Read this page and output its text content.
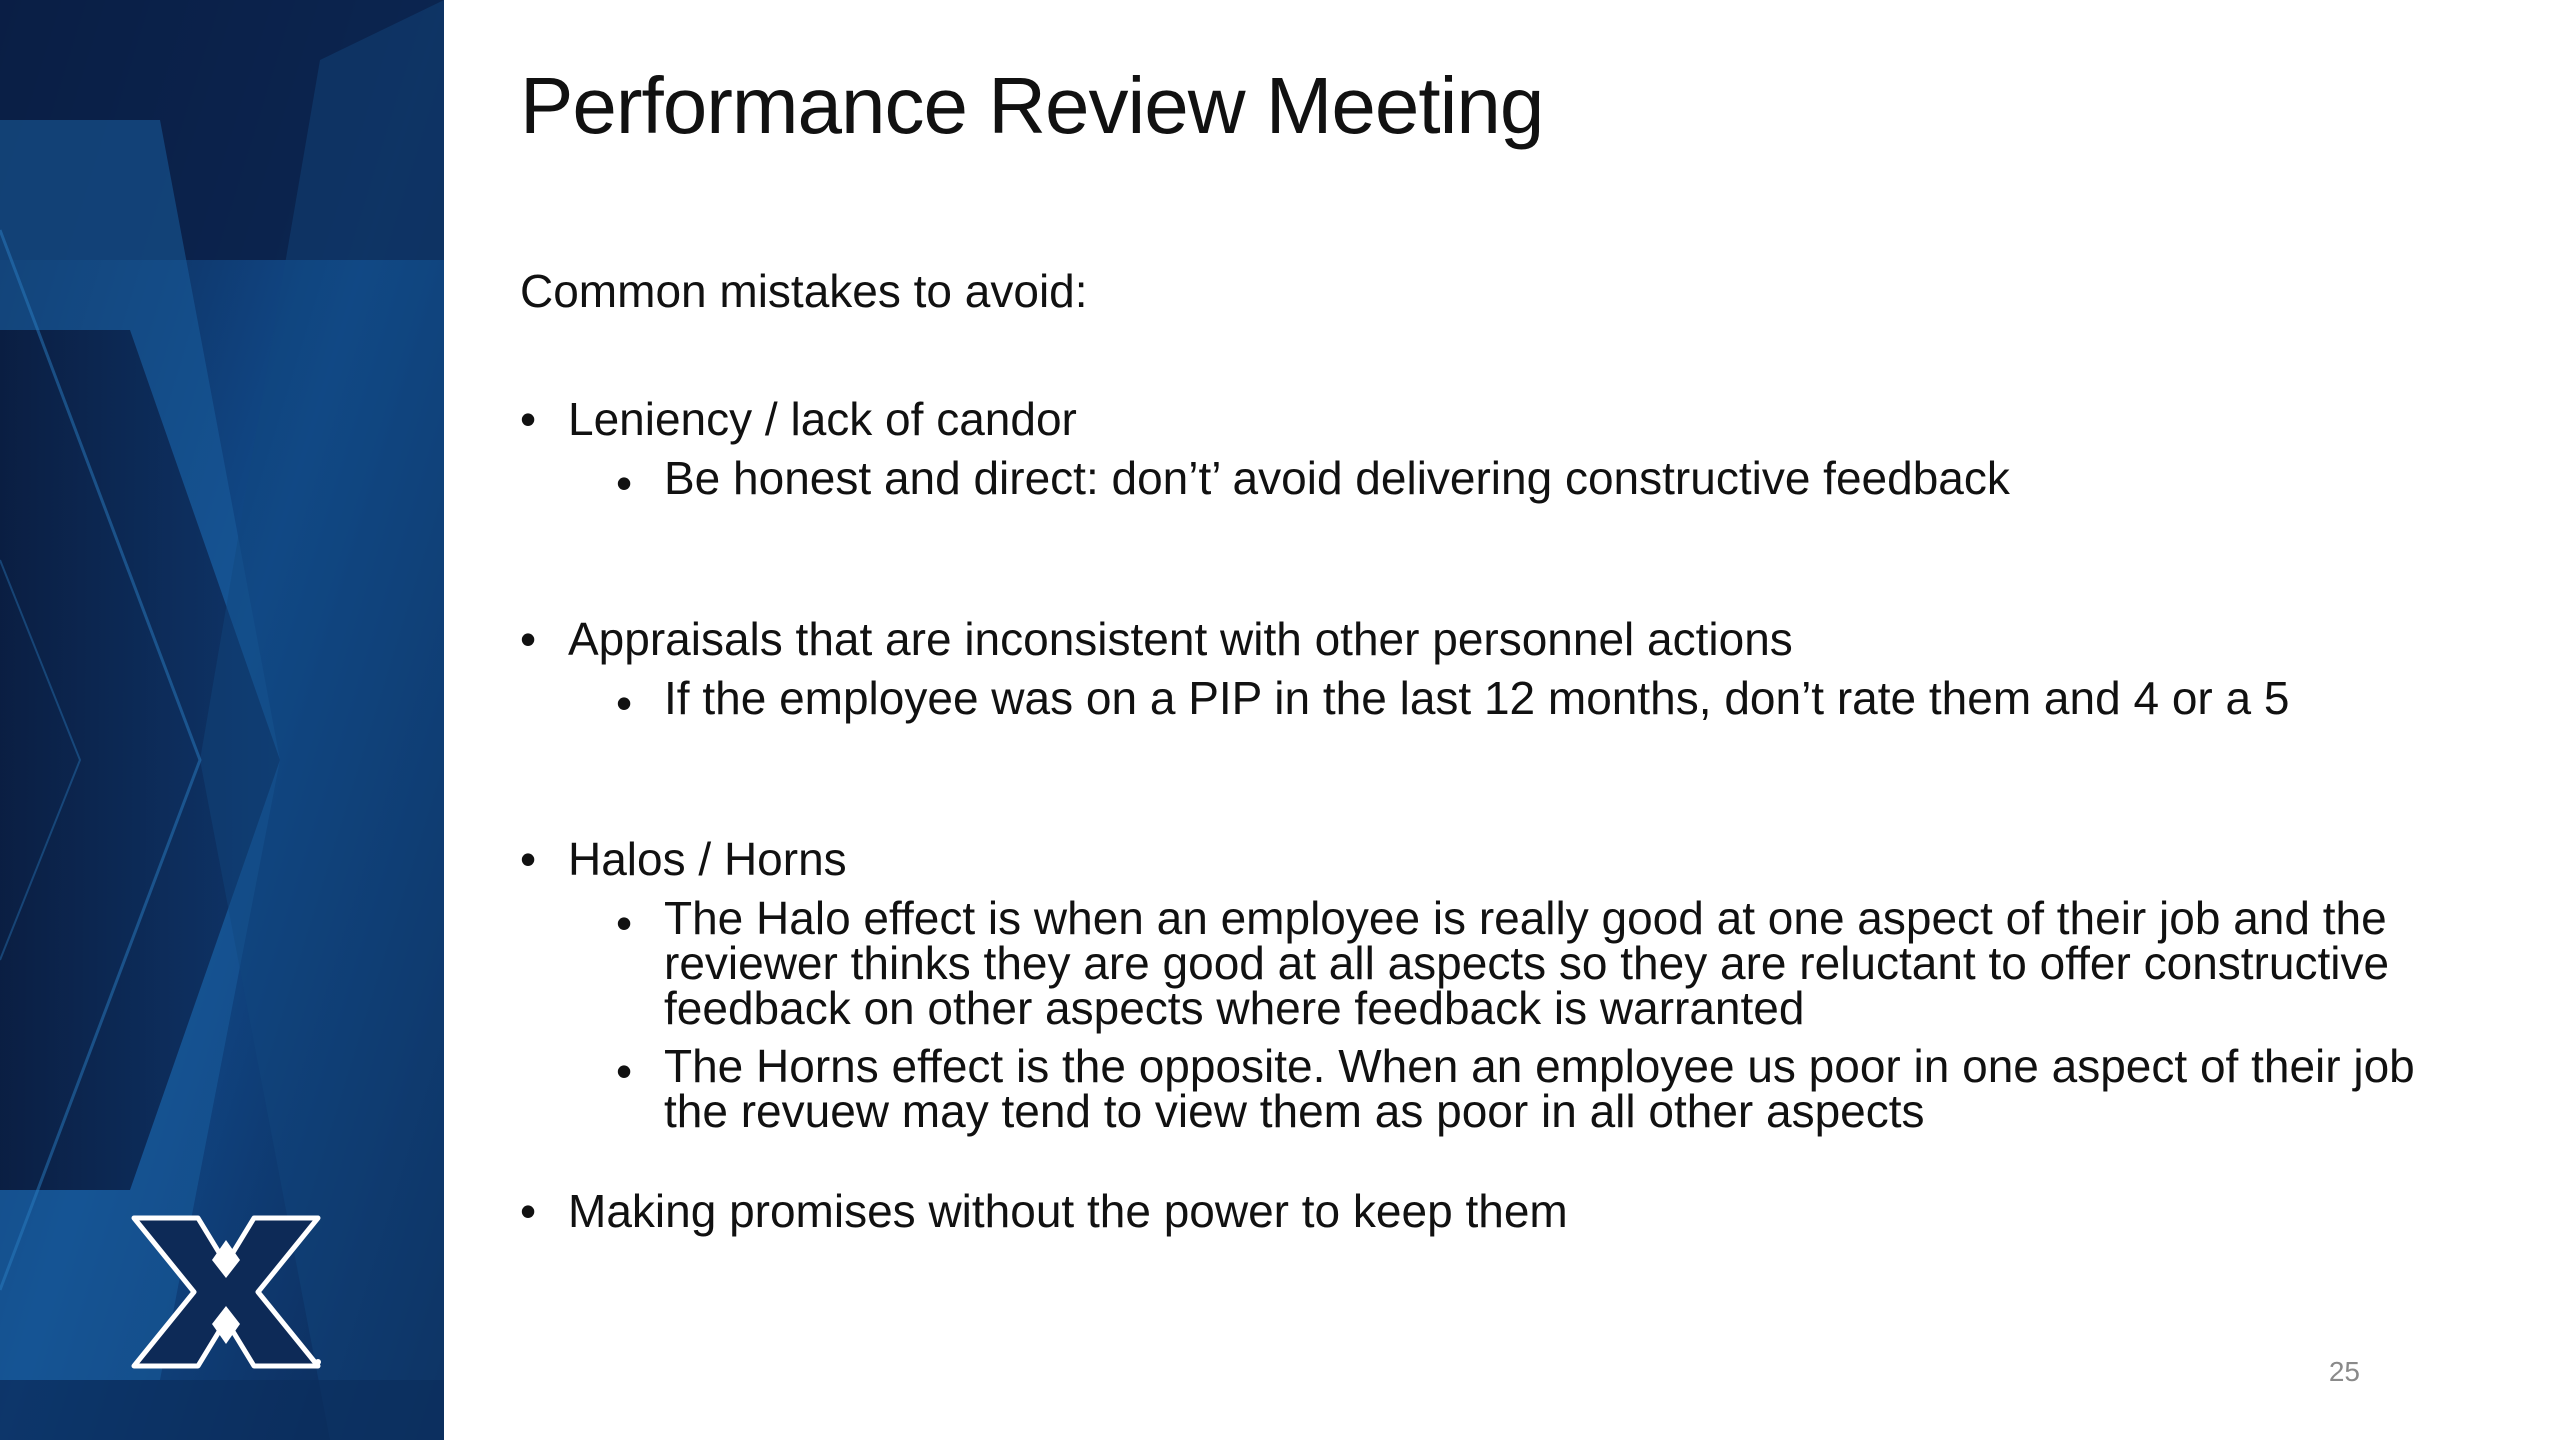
Performance Review Meeting
Common mistakes to avoid:
• Leniency / lack of candor
• Be honest and direct: don’t’ avoid delivering constructive feedback
• Appraisals that are inconsistent with other personnel actions
• If the employee was on a PIP in the last 12 months, don’t rate them and 4 or a 5
• Halos / Horns
• The Halo effect is when an employee is really good at one aspect of their job and the reviewer thinks they are good at all aspects so they are reluctant to offer constructive feedback on other aspects where feedback is warranted
• The Horns effect is the opposite. When an employee us poor in one aspect of their job the revuew may tend to view them as poor in all other aspects
• Making promises without the power to keep them
25
